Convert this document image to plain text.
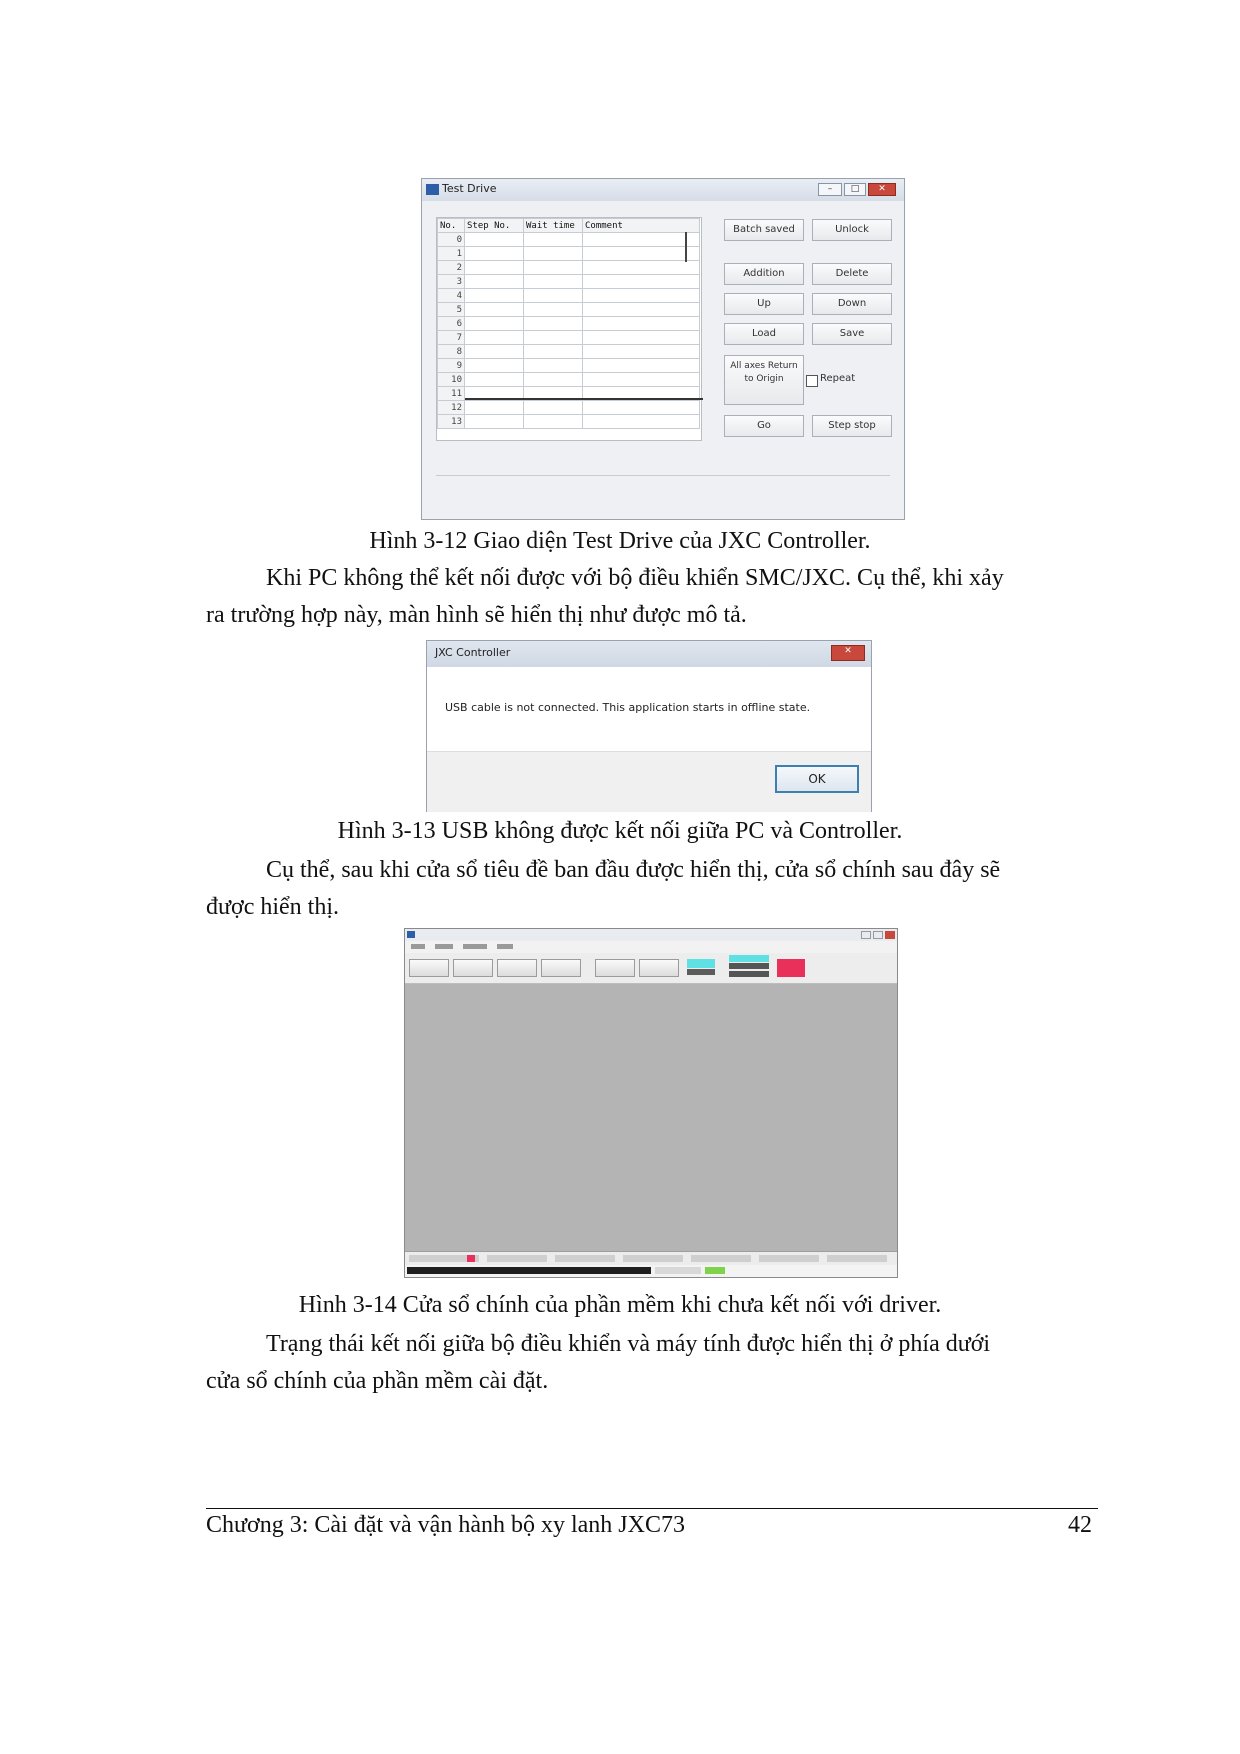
Test Drive	–	□	✕
No.	Step No.	Wait time	Comment
0			
1			
2			
3			
4			
5			
6			
7			
8			
9			
10			
11			
12			
13			
Batch saved	Unlock
Addition	Delete
Up	Down
Load	Save
All axes Return to Origin	Repeat
Go	Step stop
Hình 3-12 Giao diện Test Drive của JXC Controller.
Khi PC không thể kết nối được với bộ điều khiển SMC/JXC. Cụ thể, khi xảy
ra trường hợp này, màn hình sẽ hiển thị như được mô tả.
JXC Controller	✕
USB cable is not connected. This application starts in offline state.
OK
Hình 3-13 USB không được kết nối giữa PC và Controller.
Cụ thể, sau khi cửa sổ tiêu đề ban đầu được hiển thị, cửa sổ chính sau đây sẽ
được hiển thị.
Hình 3-14 Cửa sổ chính của phần mềm khi chưa kết nối với driver.
Trạng thái kết nối giữa bộ điều khiển và máy tính được hiển thị ở phía dưới
cửa sổ chính của phần mềm cài đặt.
Chương 3: Cài đặt và vận hành bộ xy lanh JXC73	42
